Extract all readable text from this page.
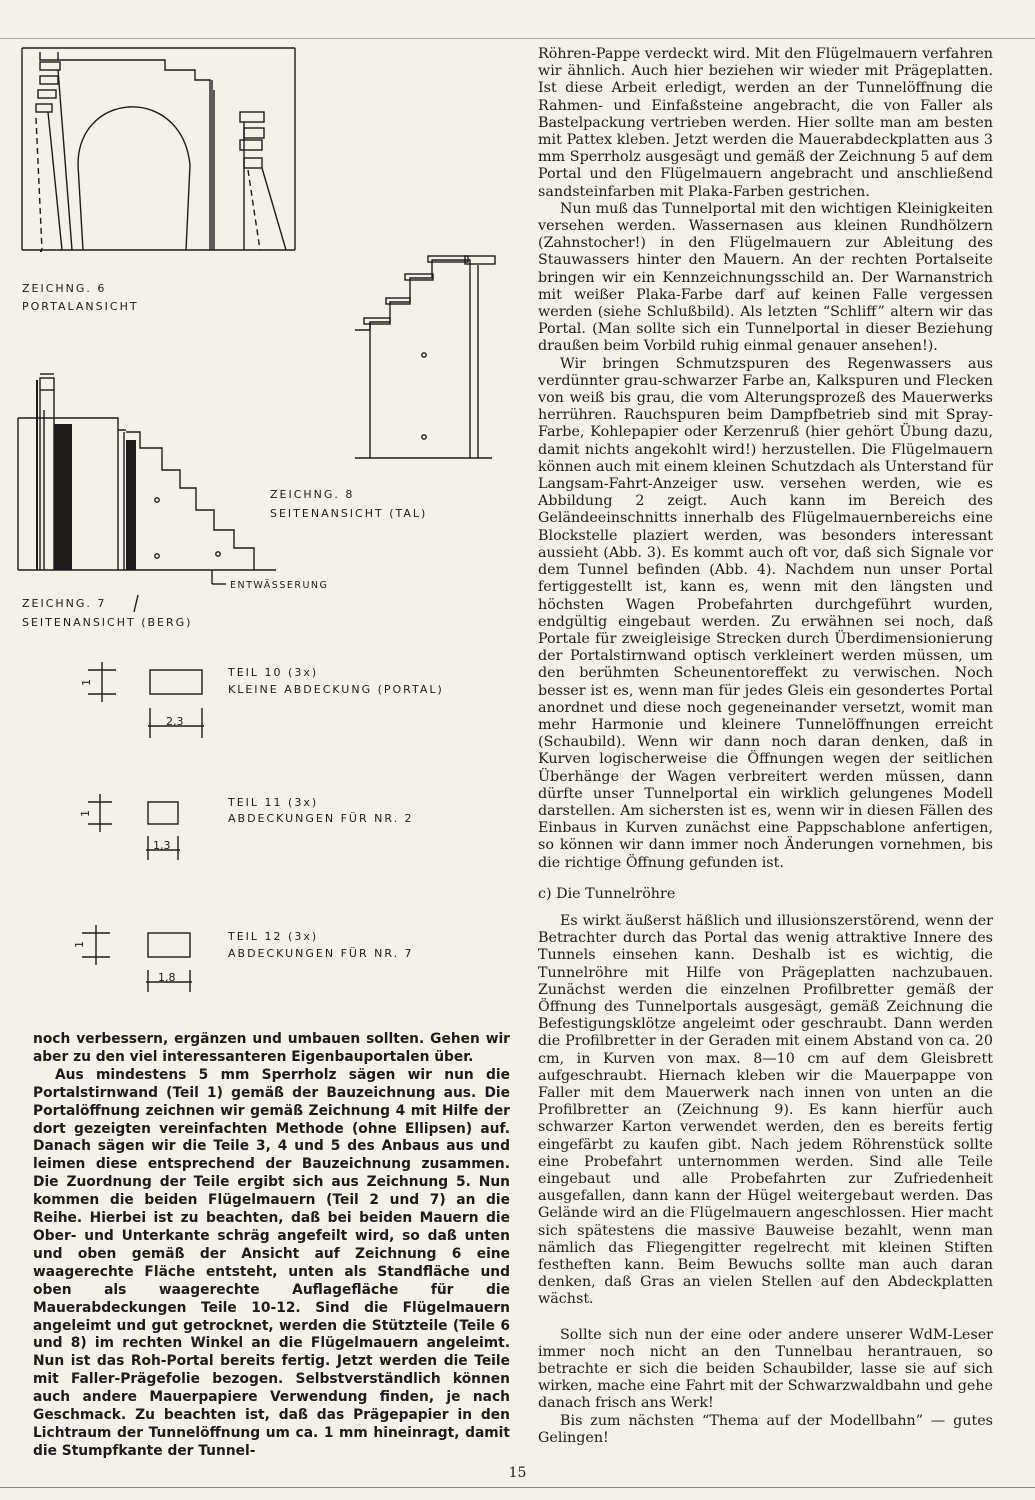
ZEICHNG. 6
PORTALANSICHT
ZEICHNG. 8
SEITENANSICHT (TAL)
ENTWÄSSERUNG
ZEICHNG. 7
SEITENANSICHT (BERG)
TEIL 10 (3x)
KLEINE ABDECKUNG (PORTAL)
2,3
1
TEIL 11 (3x)
ABDECKUNGEN FÜR NR. 2
1,3
1
TEIL 12 (3x)
ABDECKUNGEN FÜR NR. 7
1,8
1

noch verbessern, ergänzen und umbauen sollten. Gehen wir aber zu den viel interessanteren Eigenbauportalen über.

Aus mindestens 5 mm Sperrholz sägen wir nun die Portalstirnwand (Teil 1) gemäß der Bauzeichnung aus. Die Portalöffnung zeichnen wir gemäß Zeichnung 4 mit Hilfe der dort gezeigten vereinfachten Methode (ohne Ellipsen) auf. Danach sägen wir die Teile 3, 4 und 5 des Anbaus aus und leimen diese entsprechend der Bauzeichnung zusammen. Die Zuordnung der Teile ergibt sich aus Zeichnung 5. Nun kommen die beiden Flügelmauern (Teil 2 und 7) an die Reihe. Hierbei ist zu beachten, daß bei beiden Mauern die Ober- und Unterkante schräg angefeilt wird, so daß unten und oben gemäß der Ansicht auf Zeichnung 6 eine waagerechte Fläche entsteht, unten als Standfläche und oben als waagerechte Auflagefläche für die Mauerabdeckungen Teile 10-12. Sind die Flügelmauern angeleimt und gut getrocknet, werden die Stützteile (Teile 6 und 8) im rechten Winkel an die Flügelmauern angeleimt. Nun ist das Roh-Portal bereits fertig. Jetzt werden die Teile mit Faller-Prägefolie bezogen. Selbstverständlich können auch andere Mauerpapiere Verwendung finden, je nach Geschmack. Zu beachten ist, daß das Prägepapier in den Lichtraum der Tunnelöffnung um ca. 1 mm hineinragt, damit die Stumpfkante der Tunnel-

Röhren-Pappe verdeckt wird. Mit den Flügelmauern verfahren wir ähnlich. Auch hier beziehen wir wieder mit Prägeplatten. Ist diese Arbeit erledigt, werden an der Tunnelöffnung die Rahmen- und Einfaßsteine angebracht, die von Faller als Bastelpackung vertrieben werden. Hier sollte man am besten mit Pattex kleben. Jetzt werden die Mauerabdeckplatten aus 3 mm Sperrholz ausgesägt und gemäß der Zeichnung 5 auf dem Portal und den Flügelmauern angebracht und anschließend sandsteinfarben mit Plaka-Farben gestrichen.

Nun muß das Tunnelportal mit den wichtigen Kleinigkeiten versehen werden. Wassernasen aus kleinen Rundhölzern (Zahnstocher!) in den Flügelmauern zur Ableitung des Stauwassers hinter den Mauern. An der rechten Portalseite bringen wir ein Kennzeichnungsschild an. Der Warnanstrich mit weißer Plaka-Farbe darf auf keinen Falle vergessen werden (siehe Schlußbild). Als letzten “Schliff” altern wir das Portal. (Man sollte sich ein Tunnelportal in dieser Beziehung draußen beim Vorbild ruhig einmal genauer ansehen!).

Wir bringen Schmutzspuren des Regenwassers aus verdünnter grau-schwarzer Farbe an, Kalkspuren und Flecken von weiß bis grau, die vom Alterungsprozeß des Mauerwerks herrühren. Rauchspuren beim Dampfbetrieb sind mit Spray-Farbe, Kohlepapier oder Kerzenruß (hier gehört Übung dazu, damit nichts angekohlt wird!) herzustellen. Die Flügelmauern können auch mit einem kleinen Schutzdach als Unterstand für Langsam-Fahrt-Anzeiger usw. versehen werden, wie es Abbildung 2 zeigt. Auch kann im Bereich des Geländeeinschnitts innerhalb des Flügelmauernbereichs eine Blockstelle plaziert werden, was besonders interessant aussieht (Abb. 3). Es kommt auch oft vor, daß sich Signale vor dem Tunnel befinden (Abb. 4). Nachdem nun unser Portal fertiggestellt ist, kann es, wenn mit den längsten und höchsten Wagen Probefahrten durchgeführt wurden, endgültig eingebaut werden. Zu erwähnen sei noch, daß Portale für zweigleisige Strecken durch Überdimensionierung der Portalstirnwand optisch verkleinert werden müssen, um den berühmten Scheunentoreffekt zu verwischen. Noch besser ist es, wenn man für jedes Gleis ein gesondertes Portal anordnet und diese noch gegeneinander versetzt, womit man mehr Harmonie und kleinere Tunnelöffnungen erreicht (Schaubild). Wenn wir dann noch daran denken, daß in Kurven logischerweise die Öffnungen wegen der seitlichen Überhänge der Wagen verbreitert werden müssen, dann dürfte unser Tunnelportal ein wirklich gelungenes Modell darstellen. Am sichersten ist es, wenn wir in diesen Fällen des Einbaus in Kurven zunächst eine Pappschablone anfertigen, so können wir dann immer noch Änderungen vornehmen, bis die richtige Öffnung gefunden ist.

c) Die Tunnelröhre

Es wirkt äußerst häßlich und illusionszerstörend, wenn der Betrachter durch das Portal das wenig attraktive Innere des Tunnels einsehen kann. Deshalb ist es wichtig, die Tunnelröhre mit Hilfe von Prägeplatten nachzubauen. Zunächst werden die einzelnen Profilbretter gemäß der Öffnung des Tunnelportals ausgesägt, gemäß Zeichnung die Befestigungsklötze angeleimt oder geschraubt. Dann werden die Profilbretter in der Geraden mit einem Abstand von ca. 20 cm, in Kurven von max. 8—10 cm auf dem Gleisbrett aufgeschraubt. Hiernach kleben wir die Mauerpappe von Faller mit dem Mauerwerk nach innen von unten an die Profilbretter an (Zeichnung 9). Es kann hierfür auch schwarzer Karton verwendet werden, den es bereits fertig eingefärbt zu kaufen gibt. Nach jedem Röhrenstück sollte eine Probefahrt unternommen werden. Sind alle Teile eingebaut und alle Probefahrten zur Zufriedenheit ausgefallen, dann kann der Hügel weitergebaut werden. Das Gelände wird an die Flügelmauern angeschlossen. Hier macht sich spätestens die massive Bauweise bezahlt, wenn man nämlich das Fliegengitter regelrecht mit kleinen Stiften festheften kann. Beim Bewuchs sollte man auch daran denken, daß Gras an vielen Stellen auf den Abdeckplatten wächst.

Sollte sich nun der eine oder andere unserer WdM-Leser immer noch nicht an den Tunnelbau herantrauen, so betrachte er sich die beiden Schaubilder, lasse sie auf sich wirken, mache eine Fahrt mit der Schwarzwaldbahn und gehe danach frisch ans Werk!

Bis zum nächsten “Thema auf der Modellbahn” — gutes Gelingen!

15
